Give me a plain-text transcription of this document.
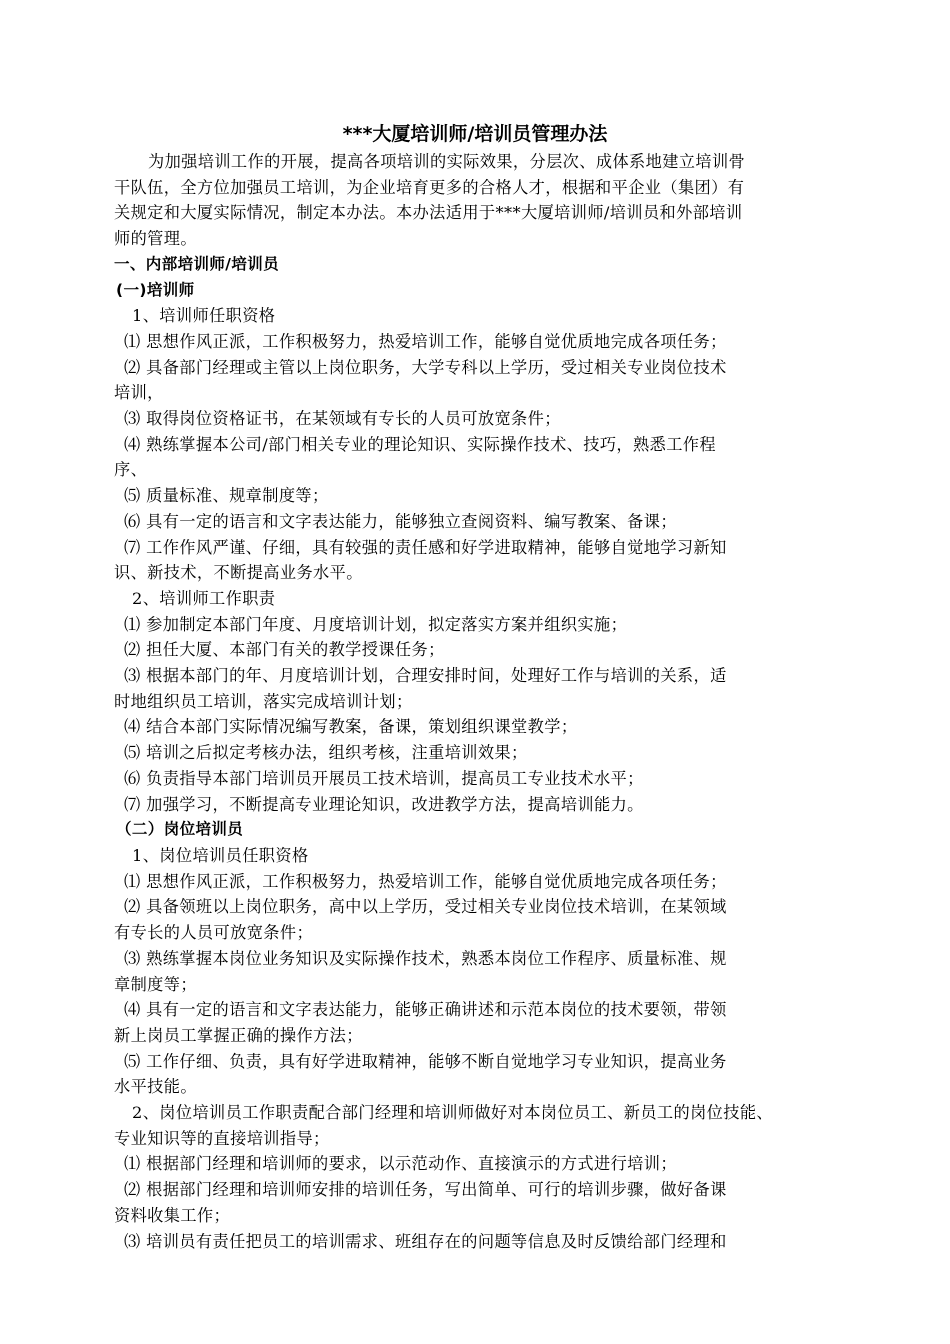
***大厦培训师/培训员管理办法

为加强培训工作的开展，提高各项培训的实际效果，分层次、成体系地建立培训骨

干队伍，全方位加强员工培训，为企业培育更多的合格人才，根据和平企业（集团）有

关规定和大厦实际情况，制定本办法。本办法适用于***大厦培训师/培训员和外部培训

师的管理。

一、内部培训师/培训员

(一)培训师

1、培训师任职资格

⑴ 思想作风正派，工作积极努力，热爱培训工作，能够自觉优质地完成各项任务；

⑵ 具备部门经理或主管以上岗位职务，大学专科以上学历，受过相关专业岗位技术

培训，

⑶ 取得岗位资格证书，在某领域有专长的人员可放宽条件；

⑷ 熟练掌握本公司/部门相关专业的理论知识、实际操作技术、技巧，熟悉工作程

序、

⑸ 质量标准、规章制度等；

⑹ 具有一定的语言和文字表达能力，能够独立查阅资料、编写教案、备课；

⑺ 工作作风严谨、仔细，具有较强的责任感和好学进取精神，能够自觉地学习新知

识、新技术，不断提高业务水平。

2、培训师工作职责

⑴ 参加制定本部门年度、月度培训计划，拟定落实方案并组织实施；

⑵ 担任大厦、本部门有关的教学授课任务；

⑶ 根据本部门的年、月度培训计划，合理安排时间，处理好工作与培训的关系，适

时地组织员工培训，落实完成培训计划；

⑷ 结合本部门实际情况编写教案，备课，策划组织课堂教学；

⑸ 培训之后拟定考核办法，组织考核，注重培训效果；

⑹ 负责指导本部门培训员开展员工技术培训，提高员工专业技术水平；

⑺ 加强学习，不断提高专业理论知识，改进教学方法，提高培训能力。

（二）岗位培训员

1、岗位培训员任职资格

⑴ 思想作风正派，工作积极努力，热爱培训工作，能够自觉优质地完成各项任务；

⑵ 具备领班以上岗位职务，高中以上学历，受过相关专业岗位技术培训，在某领域

有专长的人员可放宽条件；

⑶ 熟练掌握本岗位业务知识及实际操作技术，熟悉本岗位工作程序、质量标准、规

章制度等；

⑷ 具有一定的语言和文字表达能力，能够正确讲述和示范本岗位的技术要领，带领

新上岗员工掌握正确的操作方法；

⑸ 工作仔细、负责，具有好学进取精神，能够不断自觉地学习专业知识，提高业务

水平技能。

2、岗位培训员工作职责配合部门经理和培训师做好对本岗位员工、新员工的岗位技能、

专业知识等的直接培训指导；

⑴ 根据部门经理和培训师的要求，以示范动作、直接演示的方式进行培训；

⑵ 根据部门经理和培训师安排的培训任务，写出简单、可行的培训步骤，做好备课

资料收集工作；

⑶ 培训员有责任把员工的培训需求、班组存在的问题等信息及时反馈给部门经理和
